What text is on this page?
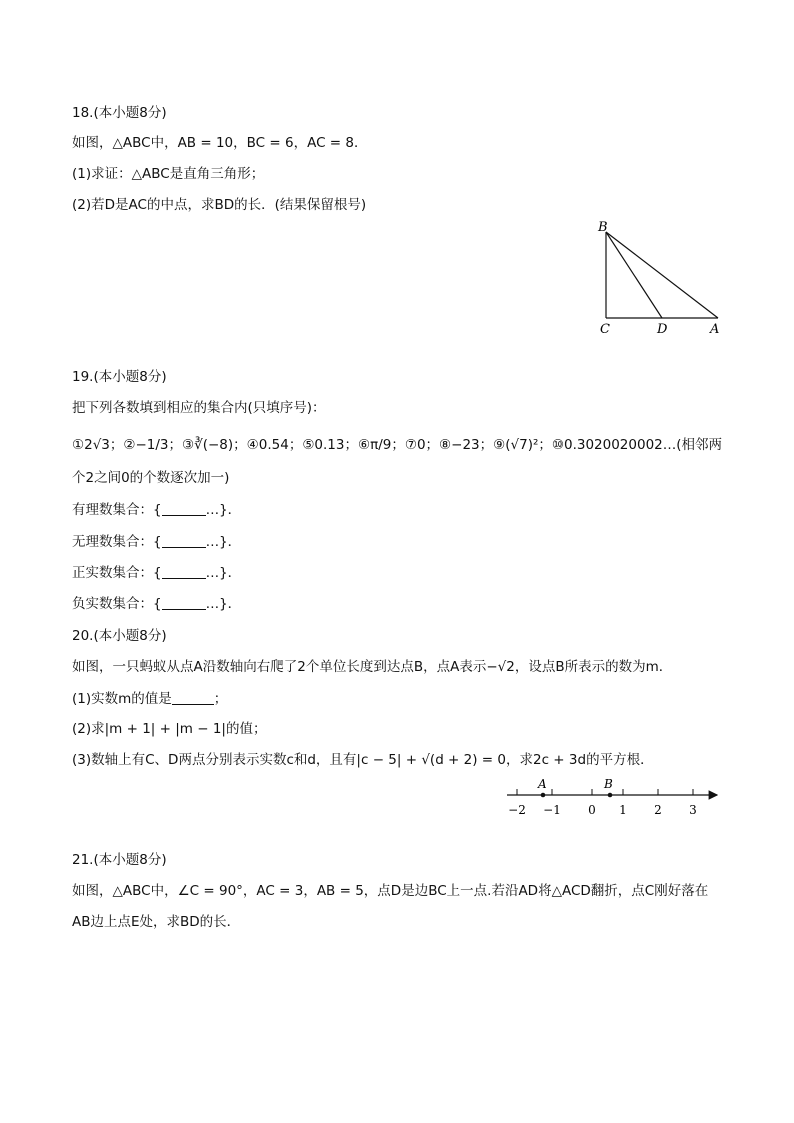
18.(本小题8分)
如图，△ABC中，AB = 10，BC = 6，AC = 8．
(1)求证：△ABC是直角三角形；
(2)若D是AC的中点，求BD的长．(结果保留根号)
B
C	D	A
19.(本小题8分)
把下列各数填到相应的集合内(只填序号)：
①2√3；②−1/3；③∛(−8)；④0.54；⑤0.13；⑥π/9；⑦0；⑧−23；⑨(√7)²；⑩0.3020020002…(相邻两
个2之间0的个数逐次加一)
有理数集合：{	…}．
无理数集合：{	…}．
正实数集合：{	…}．
负实数集合：{	…}．
20.(本小题8分)
如图，一只蚂蚁从点A沿数轴向右爬了2个单位长度到达点B，点A表示−√2，设点B所表示的数为m．
(1)实数m的值是	；
(2)求|m + 1| + |m − 1|的值；
(3)数轴上有C、D两点分别表示实数c和d，且有|c − 5| + √(d + 2) = 0，求2c + 3d的平方根．
A	B
−2 −1 0 1 2 3
21.(本小题8分)
如图，△ABC中，∠C = 90°，AC = 3，AB = 5，点D是边BC上一点.若沿AD将△ACD翻折，点C刚好落在
AB边上点E处，求BD的长．
